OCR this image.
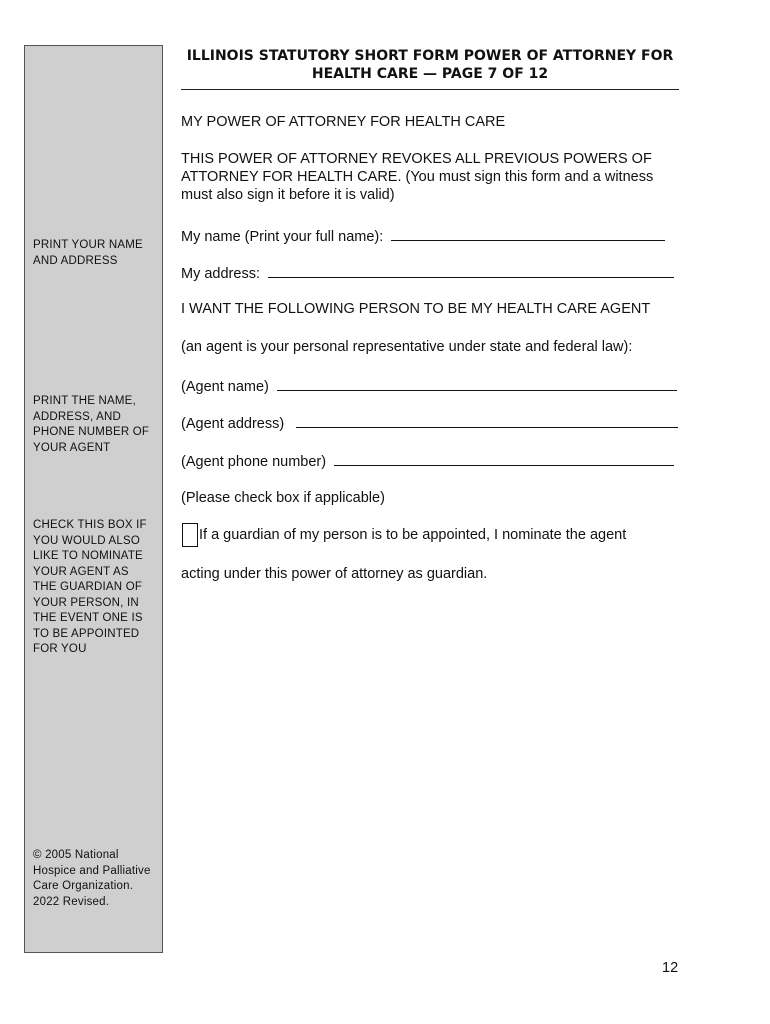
PRINT YOUR NAME
AND ADDRESS
PRINT THE NAME,
ADDRESS, AND
PHONE NUMBER OF
YOUR AGENT
CHECK THIS BOX IF
YOU WOULD ALSO
LIKE TO NOMINATE
YOUR AGENT AS
THE GUARDIAN OF
YOUR PERSON, IN
THE EVENT ONE IS
TO BE APPOINTED
FOR YOU
© 2005 National
Hospice and Palliative
Care Organization.
2022 Revised.
ILLINOIS STATUTORY SHORT FORM POWER OF ATTORNEY FOR
HEALTH CARE — PAGE 7 OF 12
MY POWER OF ATTORNEY FOR HEALTH CARE
THIS POWER OF ATTORNEY REVOKES ALL PREVIOUS POWERS OF
ATTORNEY FOR HEALTH CARE. (You must sign this form and a witness
must also sign it before it is valid)
My name (Print your full name):
My address:
I WANT THE FOLLOWING PERSON TO BE MY HEALTH CARE AGENT
(an agent is your personal representative under state and federal law):
(Agent name)
(Agent address)
(Agent phone number)
(Please check box if applicable)
If a guardian of my person is to be appointed, I nominate the agent
acting under this power of attorney as guardian.
12
